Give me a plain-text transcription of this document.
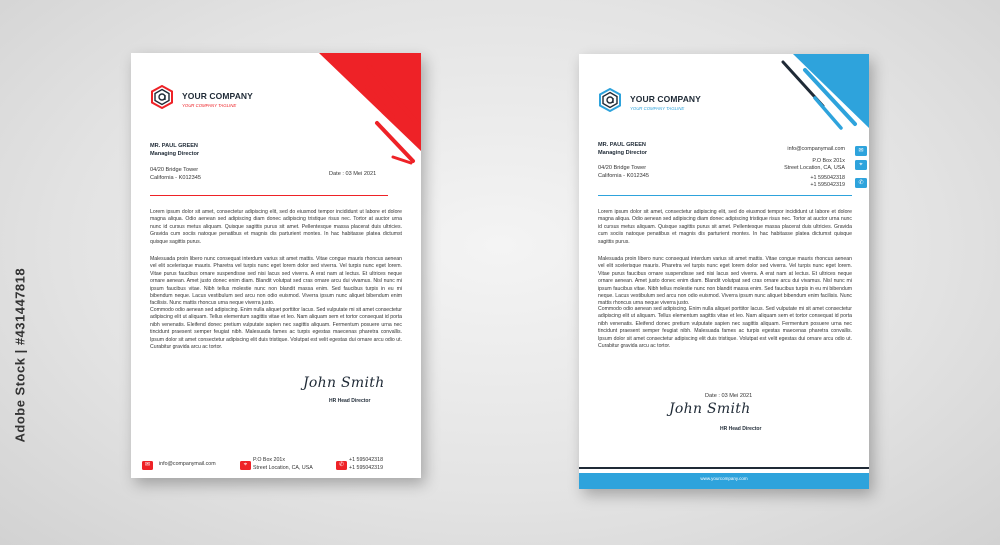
Adobe Stock | #431447818
YOUR COMPANY
YOUR COMPANY TAGLINE
MR. PAUL GREEN
Managing Director
04/20 Bridge Tower
California - K012345
Date : 03 Mei 2021
Lorem ipsum dolor sit amet, consectetur adipiscing elit, sed do eiusmod tempor incididunt ut labore et dolore magna aliqua. Odio aenean sed adipiscing diam donec adipiscing tristique risus nec. Tortor at auctor urna nunc id cursus metus aliquam. Quisque sagittis purus sit amet. Pellentesque massa placerat duis ultricies. Gravida cum sociis natoque penatibus et magnis dis parturient montes. In hac habitasse platea dictumst quisque sagittis purus.
Malesuada proin libero nunc consequat interdum varius sit amet mattis. Vitae congue mauris rhoncus aenean vel elit scelerisque mauris. Pharetra vel turpis nunc eget lorem dolor sed viverra. Vel turpis nunc eget lorem. Vitae purus faucibus ornare suspendisse sed nisi lacus sed viverra. A erat nam at lectus. Et ultrices neque ornare aenean. Amet justo donec enim diam. Blandit volutpat sed cras ornare arcu dui vivamus. Nisl nunc mi ipsum faucibus vitae. Nibh tellus molestie nunc non blandit massa enim. Sed faucibus turpis in eu mi bibendum neque. Lacus vestibulum sed arcu non odio euismod. Viverra ipsum nunc aliquet bibendum enim facilisis. Nunc mattis rhoncus urna neque viverra justo.
Commodo odio aenean sed adipiscing. Enim nulla aliquet porttitor lacus. Sed vulputate mi sit amet consectetur adipiscing elit ut aliquam. Tellus elementum sagittis vitae et leo. Nam aliquam sem et tortor consequat id porta nibh venenatis. Eleifend donec pretium vulputate sapien nec sagittis aliquam. Fermentum posuere urna nec tincidunt praesent semper feugiat nibh. Malesuada fames ac turpis egestas maecenas pharetra convallis. Ipsum dolor sit amet consectetur adipiscing elit duis tristique. Volutpat est velit egestas dui ornare arcu odio ut. Curabitur gravida arcu ac tortor.
John Smith
HR Head Director
✉	info@companymail.com	⌖
P.O Box 201x
Street Location, CA, USA	✆
+1 595042318
+1 595042319
YOUR COMPANY
YOUR COMPANY TAGLINE
MR. PAUL GREEN
Managing Director
04/20 Bridge Tower
California - K012345
info@companymail.com	✉
P.O Box 201x
Street Location, CA, USA	⌖
+1 595042318
+1 595042319	✆
Lorem ipsum dolor sit amet, consectetur adipiscing elit, sed do eiusmod tempor incididunt ut labore et dolore magna aliqua. Odio aenean sed adipiscing diam donec adipiscing tristique risus nec. Tortor at auctor urna nunc id cursus metus aliquam. Quisque sagittis purus sit amet. Pellentesque massa placerat duis ultricies. Gravida cum sociis natoque penatibus et magnis dis parturient montes. In hac habitasse platea dictumst quisque sagittis purus.
Malesuada proin libero nunc consequat interdum varius sit amet mattis. Vitae congue mauris rhoncus aenean vel elit scelerisque mauris. Pharetra vel turpis nunc eget lorem dolor sed viverra. Vel turpis nunc eget lorem. Vitae purus faucibus ornare suspendisse sed nisi lacus sed viverra. A erat nam at lectus. Et ultrices neque ornare aenean. Amet justo donec enim diam. Blandit volutpat sed cras ornare arcu dui vivamus. Nisl nunc mi ipsum faucibus vitae. Nibh tellus molestie nunc non blandit massa enim. Sed faucibus turpis in eu mi bibendum neque. Lacus vestibulum sed arcu non odio euismod. Viverra ipsum nunc aliquet bibendum enim facilisis. Nunc mattis rhoncus urna neque viverra justo.
Commodo odio aenean sed adipiscing. Enim nulla aliquet porttitor lacus. Sed vulputate mi sit amet consectetur adipiscing elit ut aliquam. Tellus elementum sagittis vitae et leo. Nam aliquam sem et tortor consequat id porta nibh venenatis. Eleifend donec pretium vulputate sapien nec sagittis aliquam. Fermentum posuere urna nec tincidunt praesent semper feugiat nibh. Malesuada fames ac turpis egestas maecenas pharetra convallis. Ipsum dolor sit amet consectetur adipiscing elit duis tristique. Volutpat est velit egestas dui ornare arcu odio ut. Curabitur gravida arcu ac tortor.
Date : 03 Mei 2021
John Smith
HR Head Director
www.yourcompany.com
